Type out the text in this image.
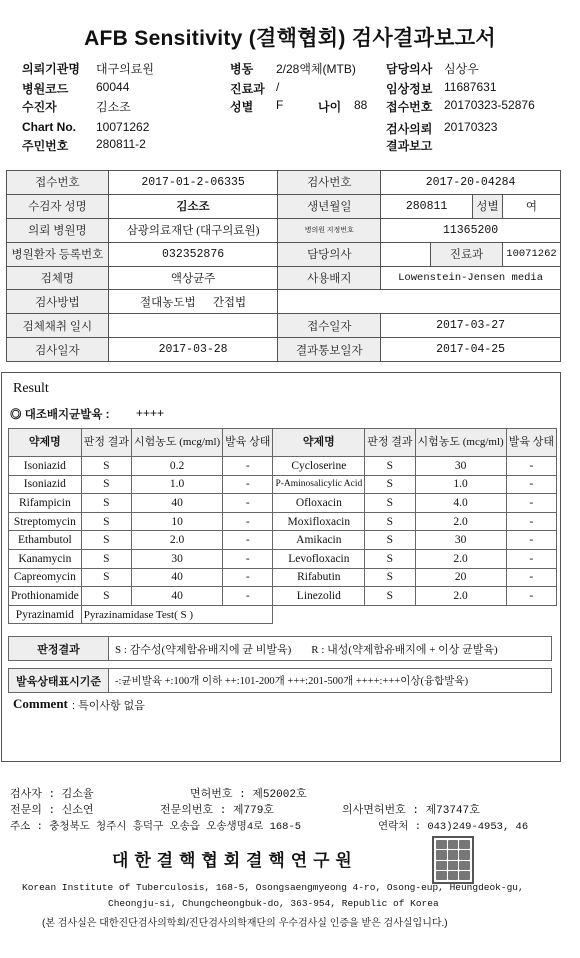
AFB Sensitivity (결핵협회) 검사결과보고서
의뢰기관명 대구의료원
병원코드 60044
수진자	김소조
Chart No. 10071262
주민번호 280811-2
병동 2/28액체(MTB)
진료과 /
성별 F	나이 88
담당의사 심상우
임상정보 11687631
접수번호 20170323-52876
검사의뢰 20170323
결과보고
접수번호	2017-01-2-06335	검사번호	2017-20-04284			
수검자 성명	김소조	생년월일	280811		성별	여
의뢰 병원명	삼광의료재단 (대구의료원)	병의원 지정번호	11365200			
병원환자 등록번호	032352876	담당의사		진료과		10071262
검체명	액상균주	사용배지	Lowenstein-Jensen media			
검사방법	절대농도법 간접법					
검체채취 일시		접수일자	2017-03-27			
검사일자	2017-03-28	결과통보일자	2017-04-25			
Result
◎ 대조배지균발육 : ++++
약제명	판정 결과	시험농도 (mcg/ml)	발육 상태	약제명	판정 결과	시험농도 (mcg/ml)	발육 상태
Isoniazid	S	0.2	-	Cycloserine	S	30	-
Isoniazid	S	1.0	-	P-Aminosalicylic Acid	S	1.0	-
Rifampicin	S	40	-	Ofloxacin	S	4.0	-
Streptomycin	S	10	-	Moxifloxacin	S	2.0	-
Ethambutol	S	2.0	-	Amikacin	S	30	-
Kanamycin	S	30	-	Levofloxacin	S	2.0	-
Capreomycin	S	40	-	Rifabutin	S	20	-
Prothionamide	S	40	-	Linezolid	S	2.0	-
Pyrazinamid	Pyrazinamidase Test( S )						
판정결과	S : 감수성(약제함유배지에 균 비발육) R : 내성(약제함유배지에 + 이상 균발육)

발육상태표시기준	-:균비발육 +:100개 이하 ++:101-200개 +++:201-500개 ++++:+++이상(융합발육)
Comment : 특이사항 없음
검사자 : 김소율	면허번호 : 제52002호
전문의 : 신소연	전문의번호 : 제779호	의사면허번호 : 제73747호
주소 : 충청북도 청주시 흥덕구 오송읍 오송생명4로 168-5	연락처 : 043)249-4953, 46
대 한 결 핵 협 회 결 핵 연 구 원
Korean Institute of Tuberculosis, 168-5, Osongsaengmyeong 4-ro, Osong-eup, Heungdeok-gu,
Cheongju-si, Chungcheongbuk-do, 363-954, Republic of Korea
(본 검사실은 대한진단검사의학회/진단검사의학재단의 우수검사실 인증을 받은 검사실입니다.)
